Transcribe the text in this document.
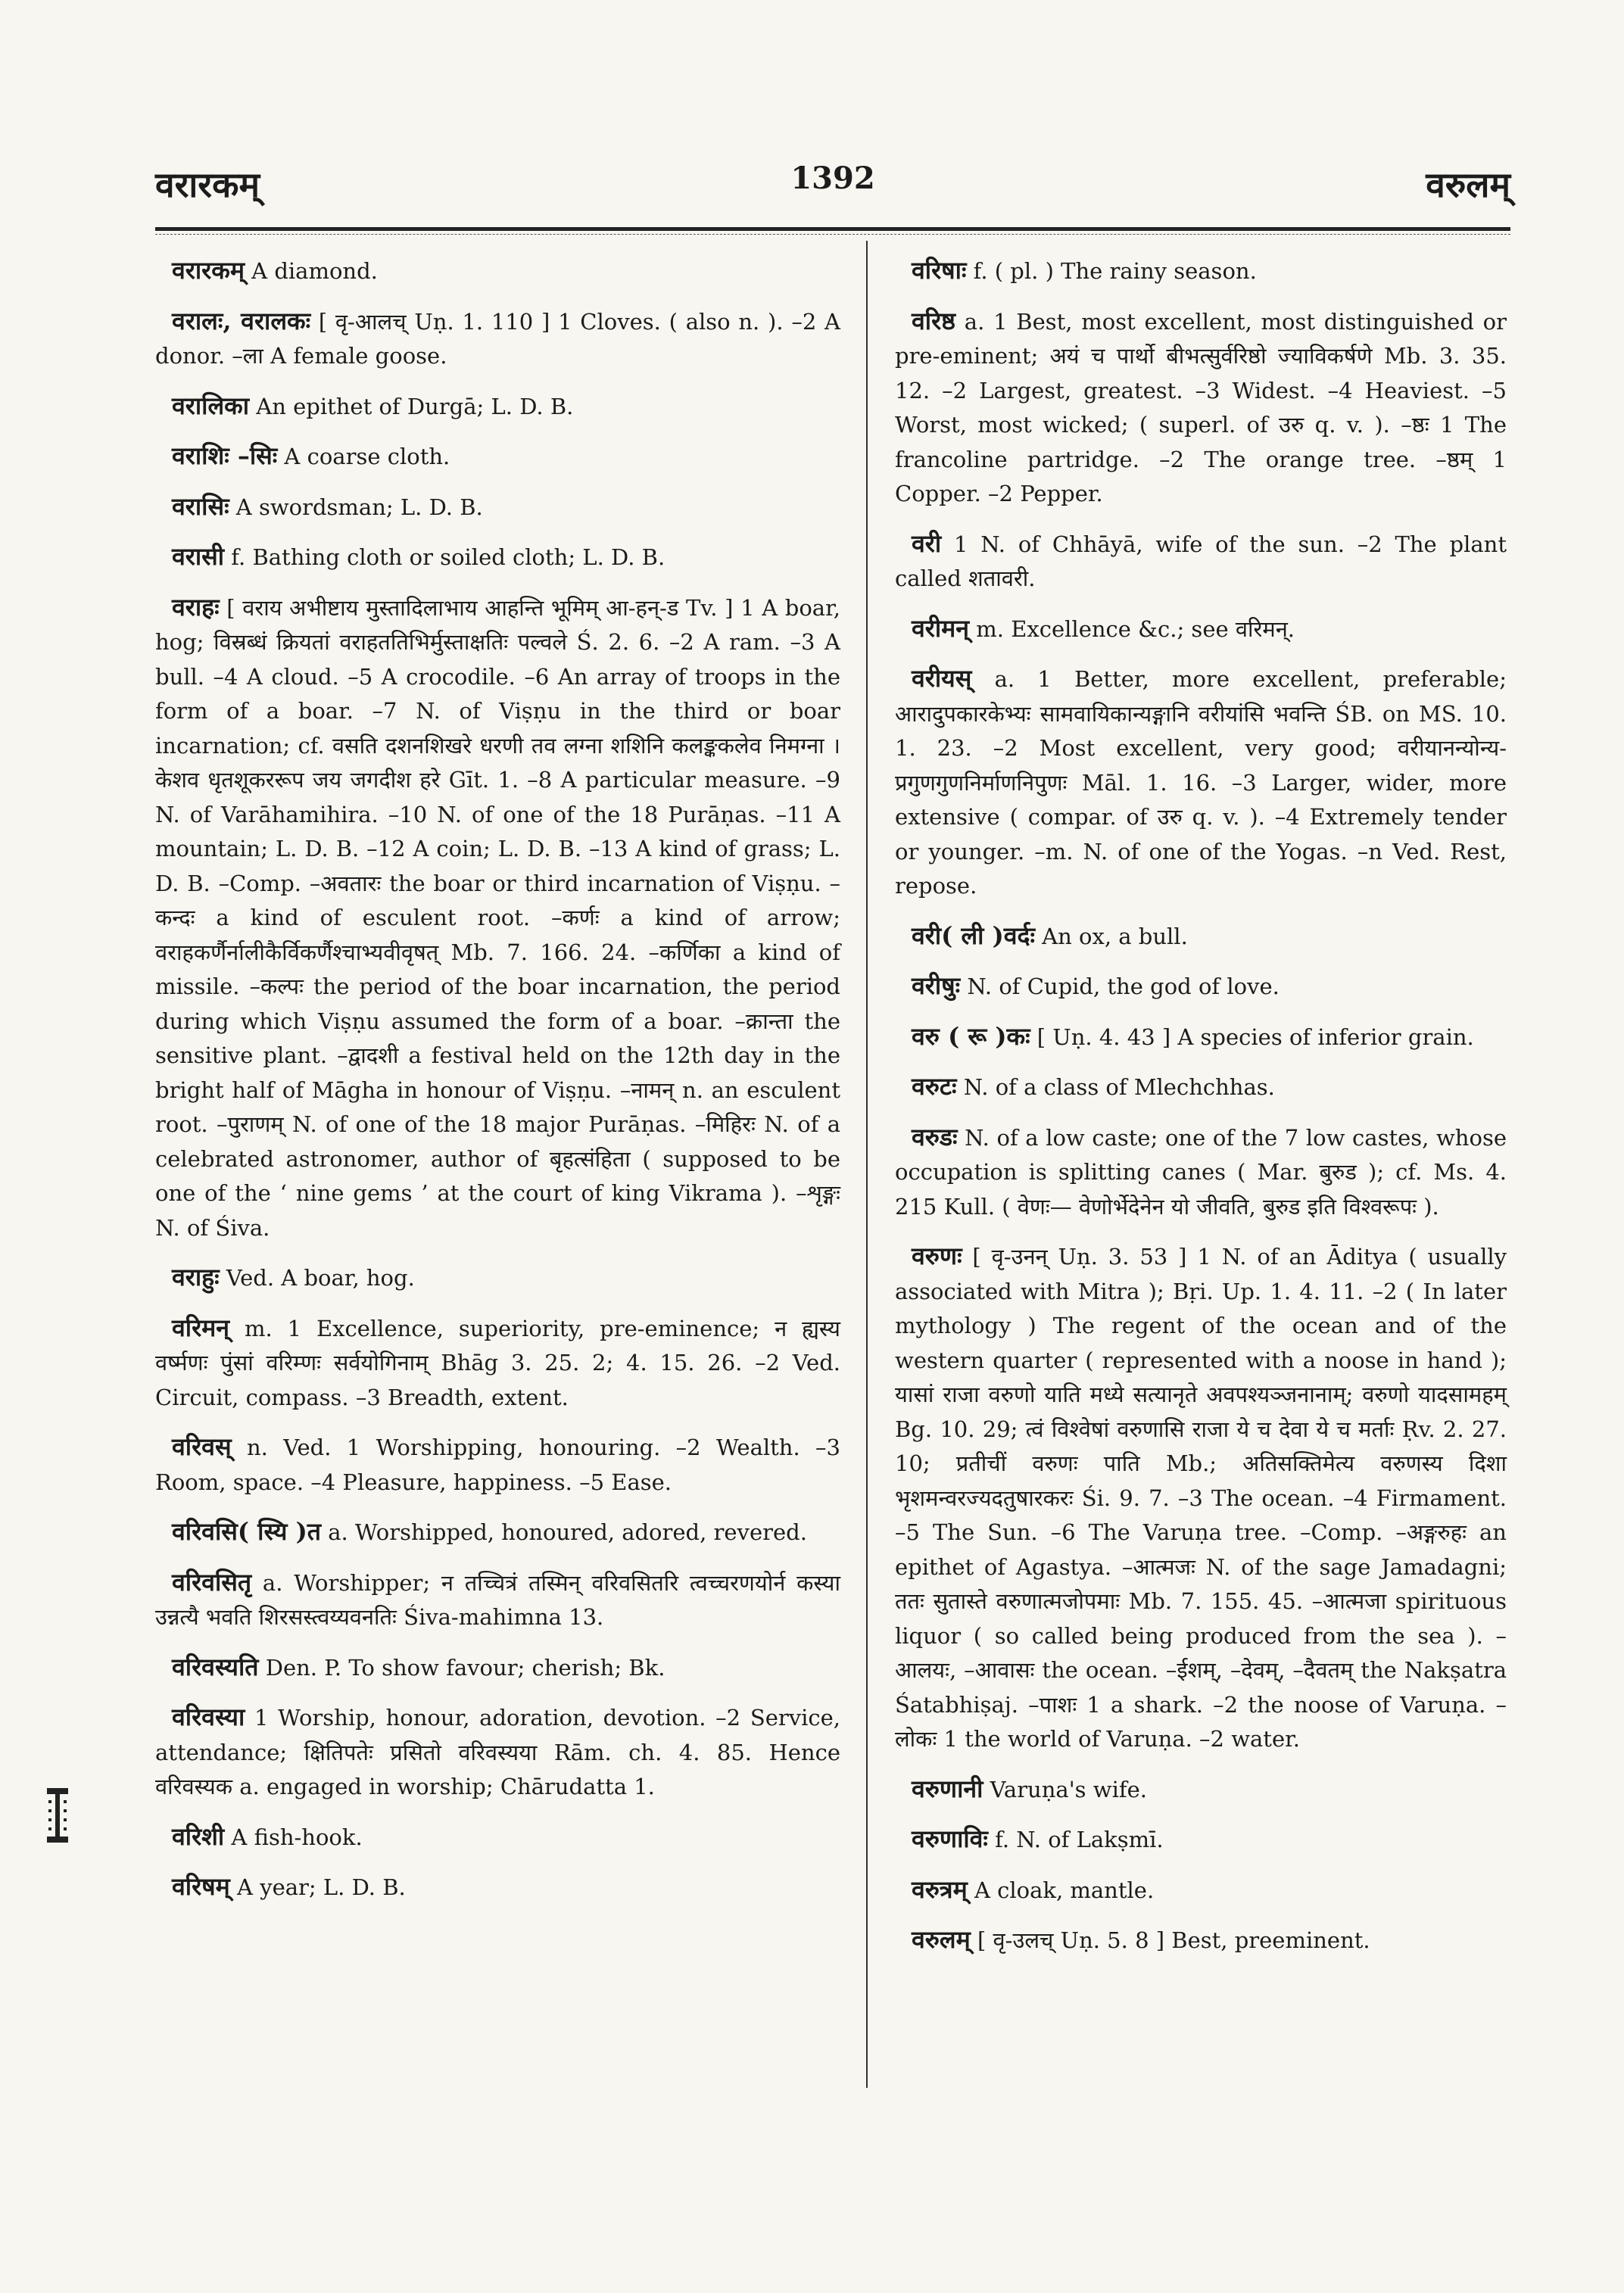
वरारकम्	1392	वरुलम्

वरारकम् A diamond.

वरालः, वरालकः [ वृ-आलच् Uṇ. 1. 110 ] 1 Cloves. ( also n. ). –2 A donor. –ला A female goose.

वरालिका An epithet of Durgā; L. D. B.

वराशिः –सिः A coarse cloth.

वरासिः A swordsman; L. D. B.

वरासी f. Bathing cloth or soiled cloth; L. D. B.

वराहः [ वराय अभीष्टाय मुस्तादिलाभाय आहन्ति भूमिम् आ-हन्-ड Tv. ] 1 A boar, hog; विस्रब्धं क्रियतां वराहततिभिर्मुस्ताक्षतिः पल्वले Ś. 2. 6. –2 A ram. –3 A bull. –4 A cloud. –5 A crocodile. –6 An array of troops in the form of a boar. –7 N. of Viṣṇu in the third or boar incarnation; cf. वसति दशनशिखरे धरणी तव लग्ना शशिनि कलङ्ककलेव निमग्ना । केशव धृतशूकररूप जय जगदीश हरे Gīt. 1. –8 A particular measure. –9 N. of Varāhamihira. –10 N. of one of the 18 Purāṇas. –11 A mountain; L. D. B. –12 A coin; L. D. B. –13 A kind of grass; L. D. B. –Comp. –अवतारः the boar or third incarnation of Viṣṇu. –कन्दः a kind of esculent root. –कर्णः a kind of arrow; वराहकर्णैर्नालीकैर्विकर्णैश्चाभ्यवीवृषत् Mb. 7. 166. 24. –कर्णिका a kind of missile. –कल्पः the period of the boar incarnation, the period during which Viṣṇu assumed the form of a boar. –क्रान्ता the sensitive plant. –द्वादशी a festival held on the 12th day in the bright half of Māgha in honour of Viṣṇu. –नामन् n. an esculent root. –पुराणम् N. of one of the 18 major Purāṇas. –मिहिरः N. of a celebrated astronomer, author of बृहत्संहिता ( supposed to be one of the ‘ nine gems ’ at the court of king Vikrama ). –शृङ्गः N. of Śiva.

वराहुः Ved. A boar, hog.

वरिमन् m. 1 Excellence, superiority, pre-eminence; न ह्यस्य वर्ष्मणः पुंसां वरिम्णः सर्वयोगिनाम् Bhāg 3. 25. 2; 4. 15. 26. –2 Ved. Circuit, compass. –3 Breadth, extent.

वरिवस् n. Ved. 1 Worshipping, honouring. –2 Wealth. –3 Room, space. –4 Pleasure, happiness. –5 Ease.

वरिवसि( स्यि )त a. Worshipped, honoured, adored, revered.

वरिवसितृ a. Worshipper; न तच्चित्रं तस्मिन् वरिवसितरि त्वच्चरणयोर्न कस्या उन्नत्यै भवति शिरसस्त्वय्यवनतिः Śiva-mahimna 13.

वरिवस्यति Den. P. To show favour; cherish; Bk.

वरिवस्या 1 Worship, honour, adoration, devotion. –2 Service, attendance; क्षितिपतेः प्रसितो वरिवस्यया Rām. ch. 4. 85. Hence वरिवस्यक a. engaged in worship; Chārudatta 1.

वरिशी A fish-hook.

वरिषम् A year; L. D. B.

वरिषाः f. ( pl. ) The rainy season.

वरिष्ठ a. 1 Best, most excellent, most distinguished or pre-eminent; अयं च पार्थो बीभत्सुर्वरिष्ठो ज्याविकर्षणे Mb. 3. 35. 12. –2 Largest, greatest. –3 Widest. –4 Heaviest. –5 Worst, most wicked; ( superl. of उरु q. v. ). –ष्ठः 1 The francoline partridge. –2 The orange tree. –ष्ठम् 1 Copper. –2 Pepper.

वरी 1 N. of Chhāyā, wife of the sun. –2 The plant called शतावरी.

वरीमन् m. Excellence &c.; see वरिमन्.

वरीयस् a. 1 Better, more excellent, preferable; आरादुपकारकेभ्यः सामवायिकान्यङ्गानि वरीयांसि भवन्ति ŚB. on MS. 10. 1. 23. –2 Most excellent, very good; वरीयानन्योन्य-प्रगुणगुणनिर्माणनिपुणः Māl. 1. 16. –3 Larger, wider, more extensive ( compar. of उरु q. v. ). –4 Extremely tender or younger. –m. N. of one of the Yogas. –n Ved. Rest, repose.

वरी( ली )वर्दः An ox, a bull.

वरीषुः N. of Cupid, the god of love.

वरु ( रू )कः [ Uṇ. 4. 43 ] A species of inferior grain.

वरुटः N. of a class of Mlechchhas.

वरुडः N. of a low caste; one of the 7 low castes, whose occupation is splitting canes ( Mar. बुरुड ); cf. Ms. 4. 215 Kull. ( वेणः— वेणोर्भेदेनेन यो जीवति, बुरुड इति विश्वरूपः ).

वरुणः [ वृ-उनन् Uṇ. 3. 53 ] 1 N. of an Āditya ( usually associated with Mitra ); Bṛi. Up. 1. 4. 11. –2 ( In later mythology ) The regent of the ocean and of the western quarter ( represented with a noose in hand ); यासां राजा वरुणो याति मध्ये सत्यानृते अवपश्यञ्जनानाम्; वरुणो यादसामहम् Bg. 10. 29; त्वं विश्वेषां वरुणासि राजा ये च देवा ये च मर्ताः Ṛv. 2. 27. 10; प्रतीचीं वरुणः पाति Mb.; अतिसक्तिमेत्य वरुणस्य दिशा भृशमन्वरज्यदतुषारकरः Śi. 9. 7. –3 The ocean. –4 Firmament. –5 The Sun. –6 The Varuṇa tree. –Comp. –अङ्गरुहः an epithet of Agastya. –आत्मजः N. of the sage Jamadagni; ततः सुतास्ते वरुणात्मजोपमाः Mb. 7. 155. 45. –आत्मजा spirituous liquor ( so called being produced from the sea ). –आलयः, –आवासः the ocean. –ईशम्, –देवम्, –दैवतम् the Nakṣatra Śatabhiṣaj. –पाशः 1 a shark. –2 the noose of Varuṇa. –लोकः 1 the world of Varuṇa. –2 water.

वरुणानी Varuṇa's wife.

वरुणाविः f. N. of Lakṣmī.

वरुत्रम् A cloak, mantle.

वरुलम् [ वृ-उलच् Uṇ. 5. 8 ] Best, preeminent.
